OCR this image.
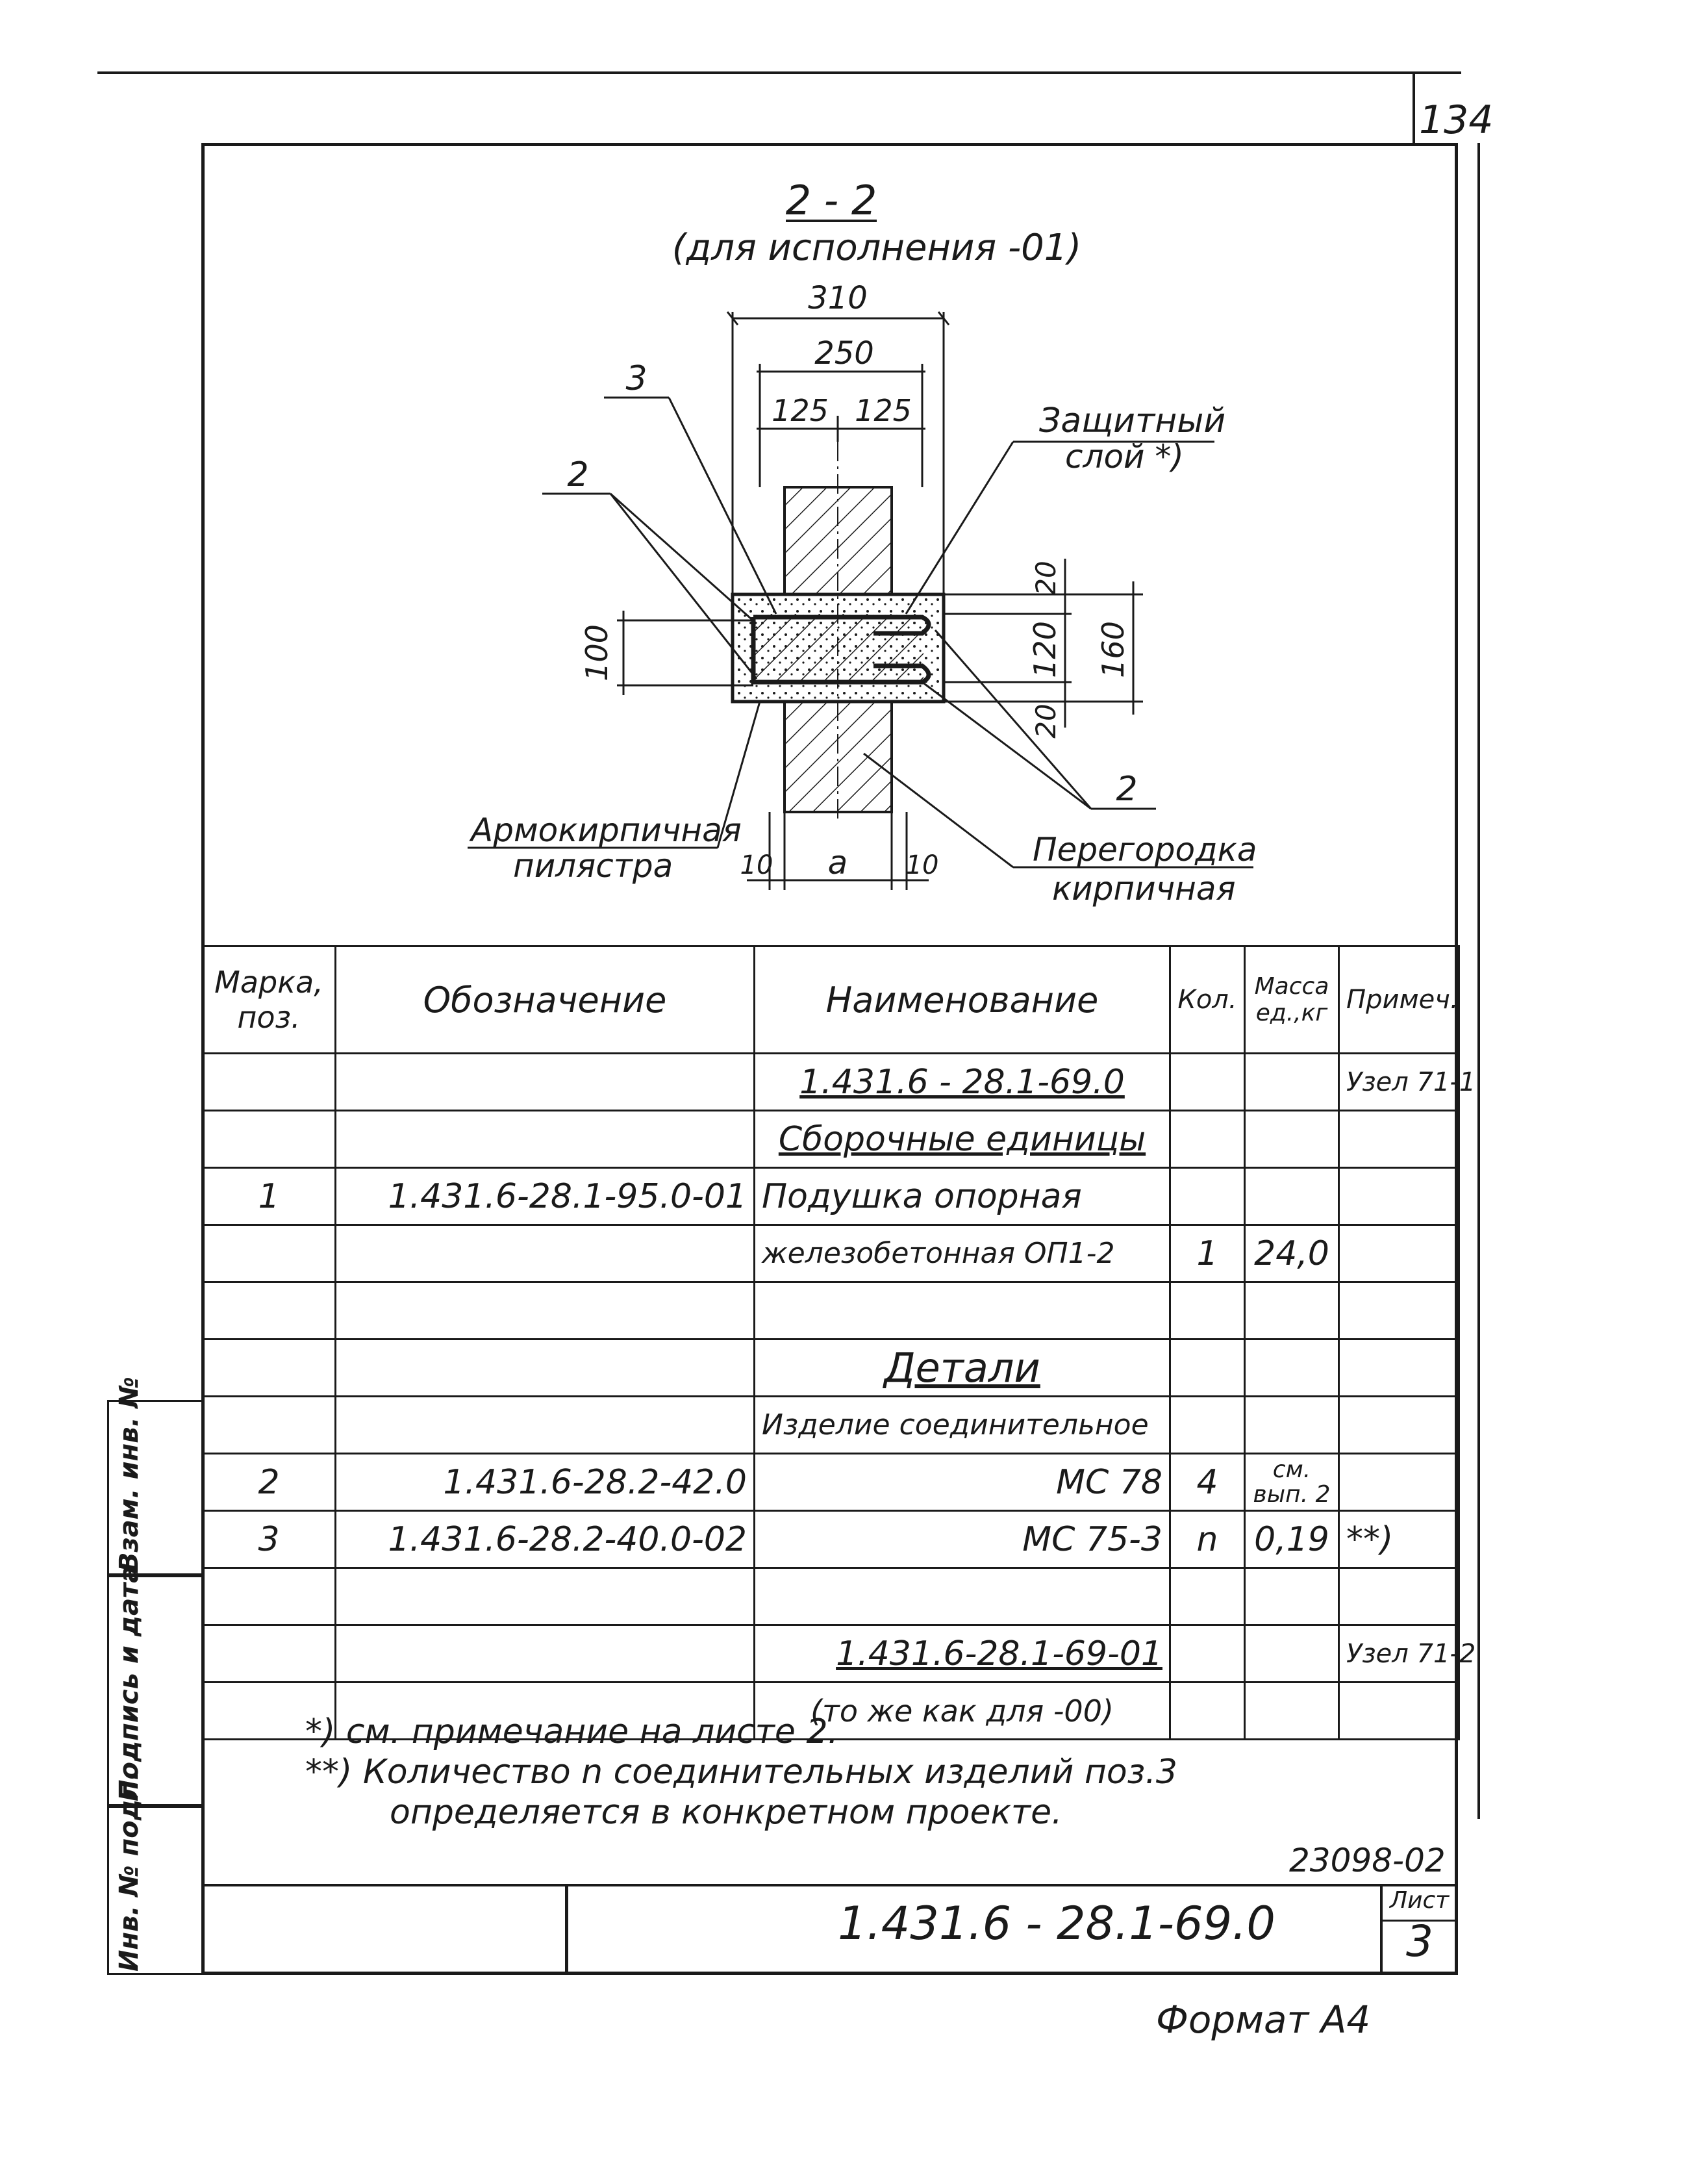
134
2 - 2
(для исполнения -01)
310
250
125 125
100
20
120
20
160
10 a 10
3
2
2
Защитный
слой *)
Армокирпичная
пилястра	Перегородка
кирпичная
Марка, поз.	Обозначение	Наименование	Кол.	Масса ед.,кг	Примеч.
		1.431.6 - 28.1-69.0			Узел 71-1
		Сборочные единицы			
1	1.431.6-28.1-95.0-01	Подушка опорная			
		железобетонная ОП1-2	1	24,0	

		Детали			
		Изделие соединительное			
2	1.431.6-28.2-42.0	МС 78	4	см. вып. 2	
3	1.431.6-28.2-40.0-02	МС 75-3	n	0,19	**)

		1.431.6-28.1-69-01			Узел 71-2
		(то же как для -00)			
*) см. примечание на листе 2.
**) Количество n соединительных изделий поз.3
определяется в конкретном проекте.
23098-02
1.431.6 - 28.1-69.0	Лист
3
Формат А4
Взам. инв. №
Подпись и дата
Инв. № подл.
